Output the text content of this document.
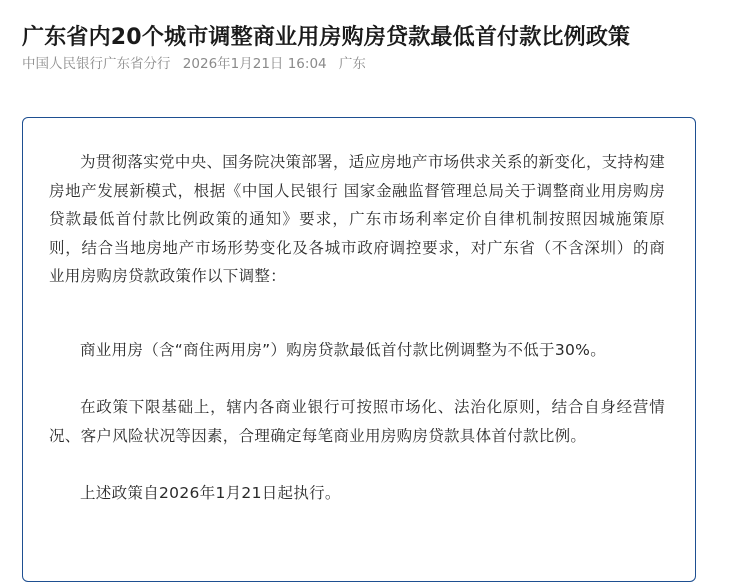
广东省内20个城市调整商业用房购房贷款最低首付款比例政策
中国人民银行广东省分行 2026年1月21日 16:04 广东

为贯彻落实党中央、国务院决策部署，适应房地产市场供求关系的新变化，支持构建房地产发展新模式，根据《中国人民银行 国家金融监督管理总局关于调整商业用房购房贷款最低首付款比例政策的通知》要求，广东市场利率定价自律机制按照因城施策原则，结合当地房地产市场形势变化及各城市政府调控要求，对广东省（不含深圳）的商业用房购房贷款政策作以下调整：

商业用房（含“商住两用房”）购房贷款最低首付款比例调整为不低于30%。

在政策下限基础上，辖内各商业银行可按照市场化、法治化原则，结合自身经营情况、客户风险状况等因素，合理确定每笔商业用房购房贷款具体首付款比例。

上述政策自2026年1月21日起执行。
